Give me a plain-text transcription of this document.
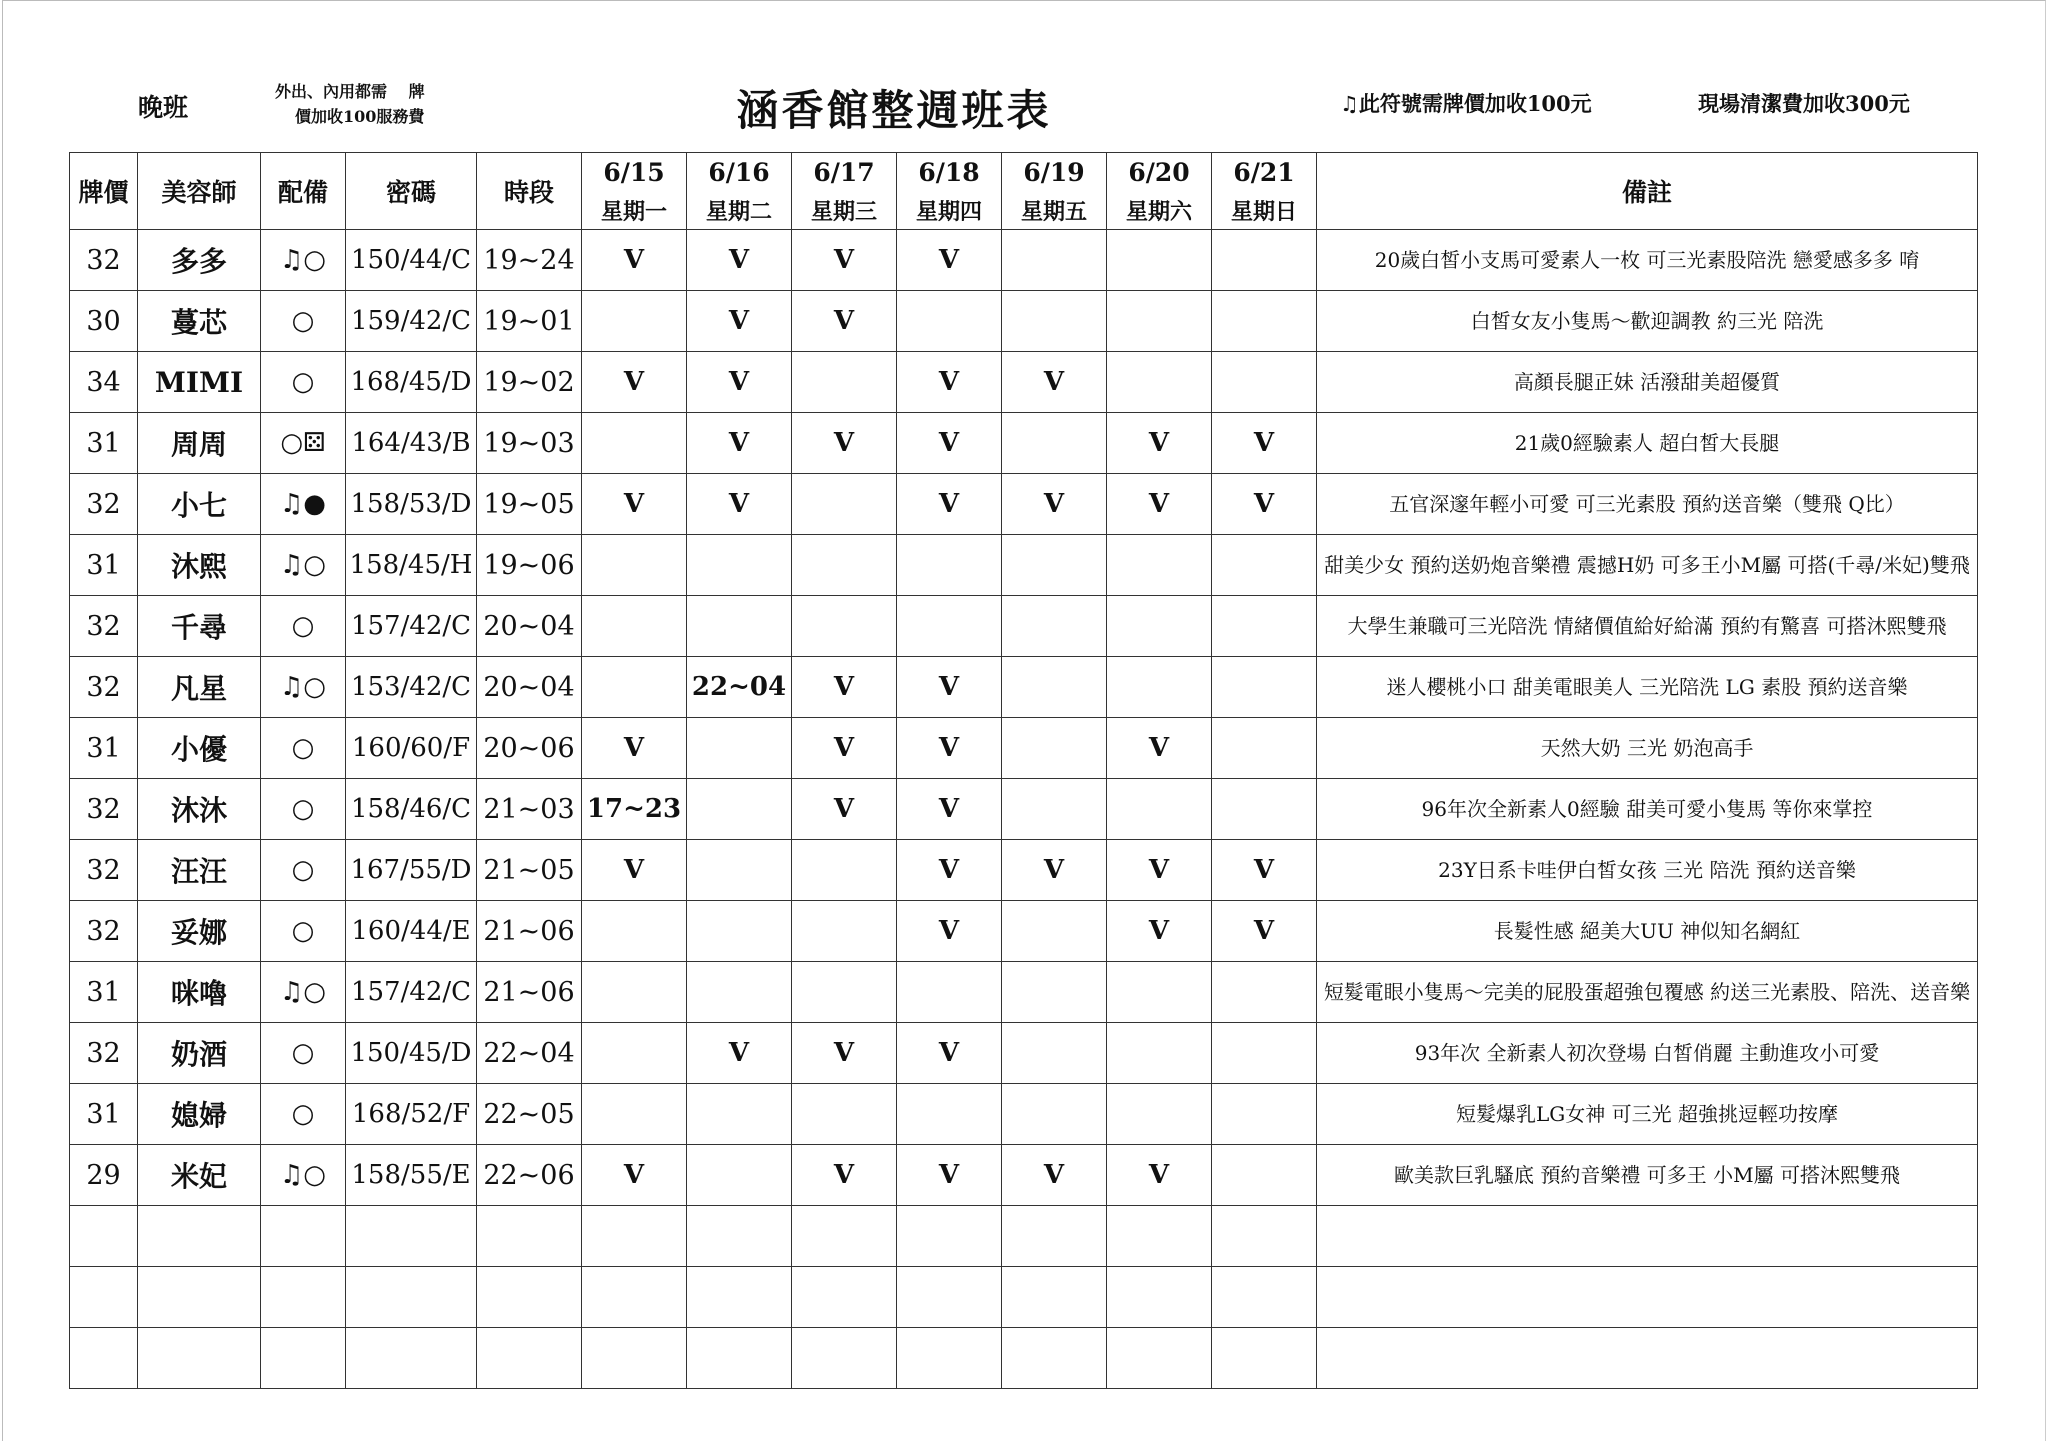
晚班
外出、內用都需　 牌
價加收100服務費	涵香館整週班表	♫此符號需牌價加收100元	現場清潔費加收300元
牌價	美容師	配備	密碼	時段	6/15	6/16	6/17	6/18	6/19	6/20	6/21	備註
					星期一	星期二	星期三	星期四	星期五	星期六	星期日	
32	多多	♫○	150/44/C	19~24	V	V	V	V				20歲白皙小支馬可愛素人一枚 可三光素股陪洗 戀愛感多多 唷
30	蔓芯	○	159/42/C	19~01		V	V					白皙女友小隻馬～歡迎調教 約三光 陪洗
34	MIMI	○	168/45/D	19~02	V	V		V	V			高顏長腿正妹 活潑甜美超優質
31	周周	○⚄	164/43/B	19~03		V	V	V		V	V	21歲0經驗素人 超白皙大長腿
32	小七	♫●	158/53/D	19~05	V	V		V	V	V	V	五官深邃年輕小可愛 可三光素股 預約送音樂（雙飛 Q比）
31	沐熙	♫○	158/45/H	19~06								甜美少女 預約送奶炮音樂禮 震撼H奶 可多王小M屬 可搭(千尋/米妃)雙飛
32	千尋	○	157/42/C	20~04								大學生兼職可三光陪洗 情緒價值給好給滿 預約有驚喜 可搭沐熙雙飛
32	凡星	♫○	153/42/C	20~04		22~04	V	V				迷人櫻桃小口 甜美電眼美人 三光陪洗 LG 素股 預約送音樂
31	小優	○	160/60/F	20~06	V		V	V		V		天然大奶 三光 奶泡高手
32	沐沐	○	158/46/C	21~03	17~23		V	V				96年次全新素人0經驗 甜美可愛小隻馬 等你來掌控
32	汪汪	○	167/55/D	21~05	V			V	V	V	V	23Y日系卡哇伊白皙女孩 三光 陪洗 預約送音樂
32	妥娜	○	160/44/E	21~06				V		V	V	長髮性感 絕美大UU 神似知名網紅
31	咪嚕	♫○	157/42/C	21~06								短髮電眼小隻馬～完美的屁股蛋超強包覆感 約送三光素股、陪洗、送音樂
32	奶酒	○	150/45/D	22~04		V	V	V				93年次 全新素人初次登場 白皙俏麗 主動進攻小可愛
31	媳婦	○	168/52/F	22~05								短髮爆乳LG女神 可三光 超強挑逗輕功按摩
29	米妃	♫○	158/55/E	22~06	V		V	V	V	V		歐美款巨乳騷底 預約音樂禮 可多王 小M屬 可搭沐熙雙飛
